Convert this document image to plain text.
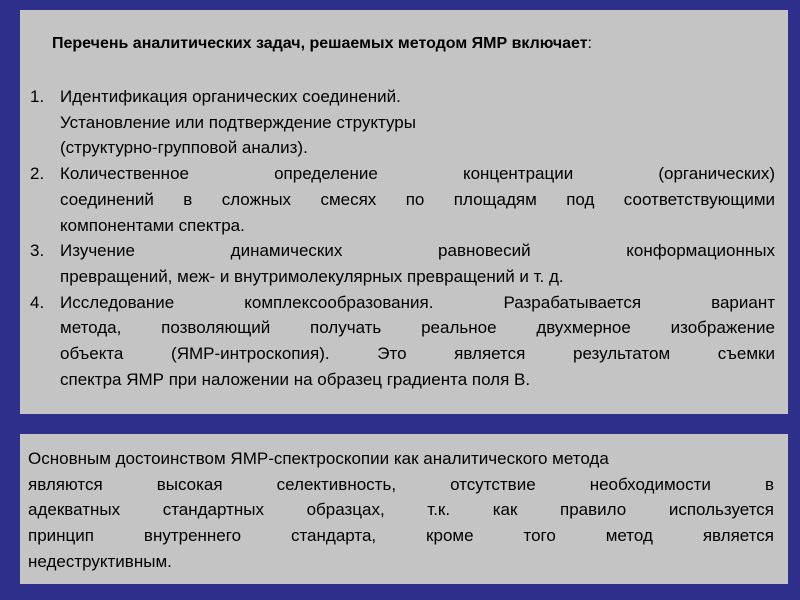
Перечень аналитических задач, решаемых методом ЯМР включает:
1. Идентификация органических соединений.
Установление или подтверждение структуры
(структурно-групповой анализ).
2. Количественное определение концентрации (органических)
соединений в сложных смесях по площадям под соответствующими
компонентами спектра.
3. Изучение динамических равновесий конформационных
превращений, меж- и внутримолекулярных превращений и т. д.
4. Исследование комплексообразования. Разрабатывается вариант
метода, позволяющий получать реальное двухмерное изображение
объекта (ЯМР-интроскопия). Это является результатом съемки
спектра ЯМР при наложении на образец градиента поля В.

Основным достоинством ЯМР-спектроскопии как аналитического метода
являются высокая селективность, отсутствие необходимости в
адекватных стандартных образцах, т.к. как правило используется
принцип внутреннего стандарта, кроме того метод является
недеструктивным.
